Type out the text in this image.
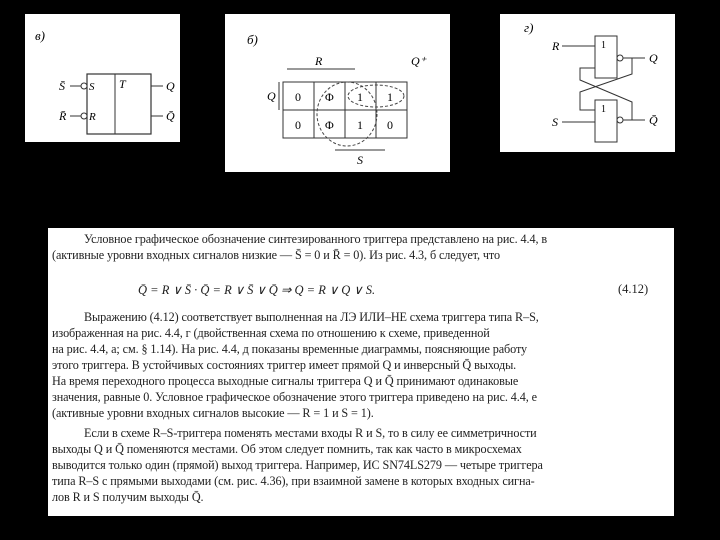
в)
T
S
R
S̄
R̄
Q
Q̄
б)
R	Q⁺
Q 0 Φ 1 1
0 Φ 1 0
S
г)
R
S
1
1
Q
Q̄
Условное графическое обозначение синтезированного триггера представлено на рис. 4.4, в
(активные уровни входных сигналов низкие — S̄ = 0 и R̄ = 0). Из рис. 4.3, б следует, что
Q̄ = R ∨ S̄ · Q̄ = R ∨ S̄ ∨ Q̄ ⇒ Q = R ∨ Q ∨ S.	(4.12)
Выражению (4.12) соответствует выполненная на ЛЭ ИЛИ–НЕ схема триггера типа R–S,
изображенная на рис. 4.4, г (двойственная схема по отношению к схеме, приведенной
на рис. 4.4, а; см. § 1.14). На рис. 4.4, д показаны временные диаграммы, поясняющие работу
этого триггера. В устойчивых состояниях триггер имеет прямой Q и инверсный Q̄ выходы.
На время переходного процесса выходные сигналы триггера Q и Q̄ принимают одинаковые
значения, равные 0. Условное графическое обозначение этого триггера приведено на рис. 4.4, е
(активные уровни входных сигналов высокие — R = 1 и S = 1).
Если в схеме R–S-триггера поменять местами входы R и S, то в силу ее симметричности
выходы Q и Q̄ поменяются местами. Об этом следует помнить, так как часто в микросхемах
выводится только один (прямой) выход триггера. Например, ИС SN74LS279 — четыре триггера
типа R–S с прямыми выходами (см. рис. 4.36), при взаимной замене в которых входных сигна-
лов R и S получим выходы Q̄.
